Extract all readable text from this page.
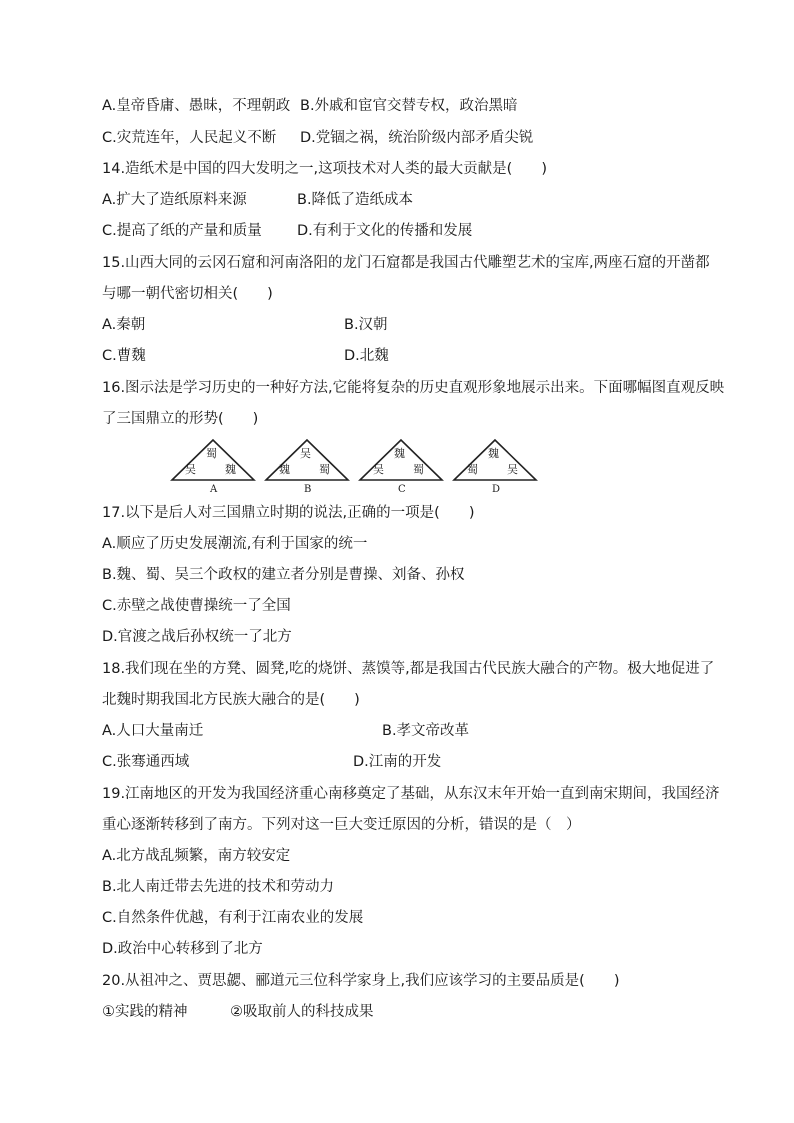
A.皇帝昏庸、愚昧，不理朝政 B.外戚和宦官交替专权，政治黑暗
C.灾荒连年，人民起义不断 D.党锢之祸，统治阶级内部矛盾尖锐
14.造纸术是中国的四大发明之一,这项技术对人类的最大贡献是(　　)
A.扩大了造纸原料来源	B.降低了造纸成本
C.提高了纸的产量和质量 D.有利于文化的传播和发展
15.山西大同的云冈石窟和河南洛阳的龙门石窟都是我国古代雕塑艺术的宝库,两座石窟的开凿都
与哪一朝代密切相关(　　)
A.秦朝	B.汉朝
C.曹魏	D.北魏
16.图示法是学习历史的一种好方法,它能将复杂的历史直观形象地展示出来。下面哪幅图直观反映
了三国鼎立的形势(　　)
17.以下是后人对三国鼎立时期的说法,正确的一项是(　　)
A.顺应了历史发展潮流,有利于国家的统一
B.魏、蜀、吴三个政权的建立者分别是曹操、刘备、孙权
C.赤壁之战使曹操统一了全国
D.官渡之战后孙权统一了北方
18.我们现在坐的方凳、圆凳,吃的烧饼、蒸馍等,都是我国古代民族大融合的产物。极大地促进了
北魏时期我国北方民族大融合的是(　　)
A.人口大量南迁	B.孝文帝改革
C.张骞通西域	D.江南的开发
19.江南地区的开发为我国经济重心南移奠定了基础，从东汉末年开始一直到南宋期间，我国经济
重心逐渐转移到了南方。下列对这一巨大变迁原因的分析，错误的是（　）
A.北方战乱频繁，南方较安定
B.北人南迁带去先进的技术和劳动力
C.自然条件优越，有利于江南农业的发展
D.政治中心转移到了北方
20.从祖冲之、贾思勰、郦道元三位科学家身上,我们应该学习的主要品质是(　　)
①实践的精神	②吸取前人的科技成果
蜀
吴	魏
A
吴
魏	蜀
B
魏
吴	蜀
C
魏
蜀	吴
D
